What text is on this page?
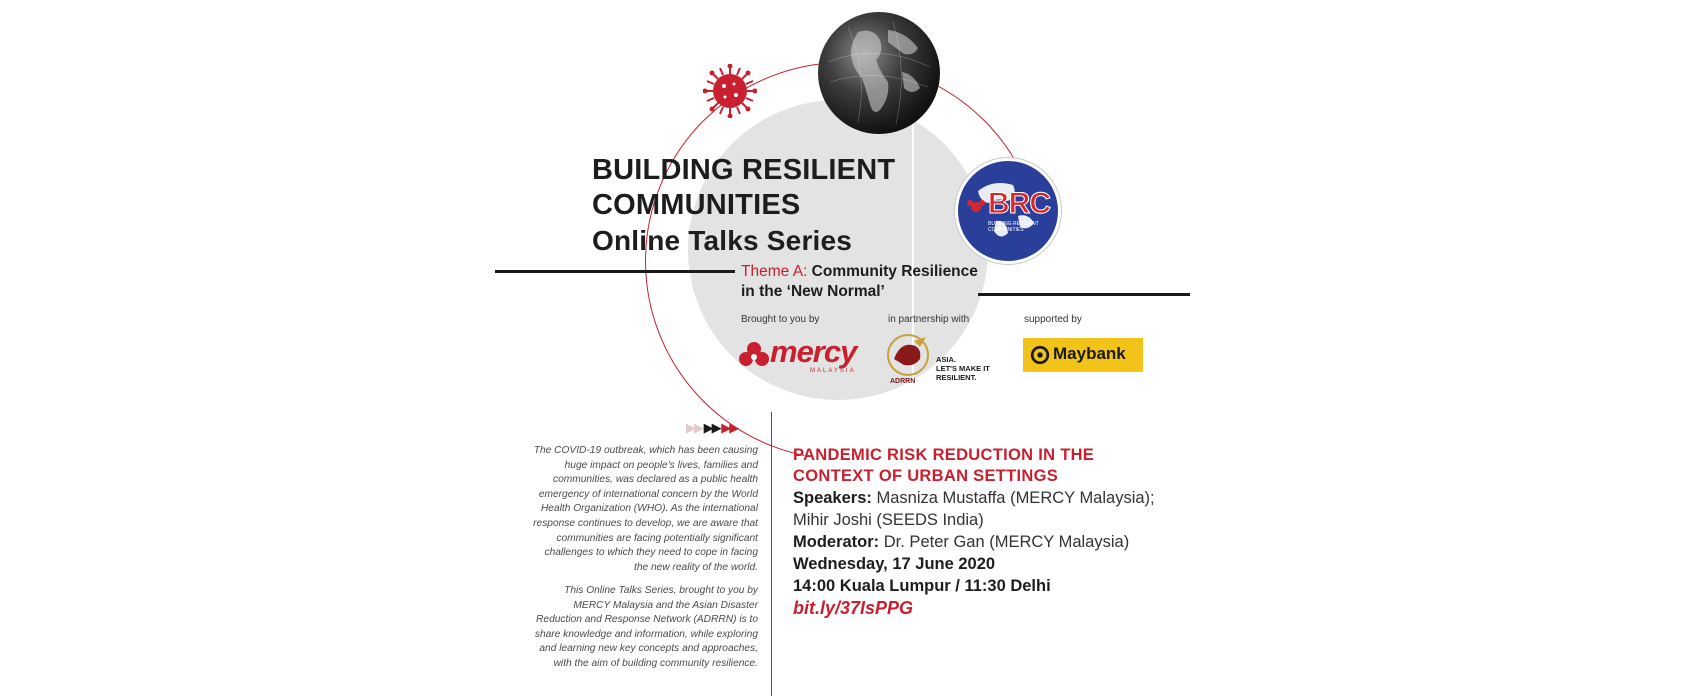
BRC
BUILDING RESILIENT COMMUNITIES
BUILDING RESILIENT
COMMUNITIES
Online Talks Series
Theme A: Community Resilience
in the ‘New Normal’
Brought to you by	in partnership with	supported by
mercy
MALAYSIA
ASIA.
LET'S MAKE IT
RESILIENT.
ADRRN
Maybank
▶▶ ▶▶ ▶▶
The COVID-19 outbreak, which has been causing huge impact on people's lives, families and communities, was declared as a public health emergency of international concern by the World Health Organization (WHO). As the international response continues to develop, we are aware that communities are facing potentially significant challenges to which they need to cope in facing the new reality of the world.
This Online Talks Series, brought to you by MERCY Malaysia and the Asian Disaster Reduction and Response Network (ADRRN) is to share knowledge and information, while exploring and learning new key concepts and approaches, with the aim of building community resilience.
PANDEMIC RISK REDUCTION IN THE
CONTEXT OF URBAN SETTINGS
Speakers: Masniza Mustaffa (MERCY Malaysia);
Mihir Joshi (SEEDS India)
Moderator: Dr. Peter Gan (MERCY Malaysia)
Wednesday, 17 June 2020
14:00 Kuala Lumpur / 11:30 Delhi
bit.ly/37IsPPG
